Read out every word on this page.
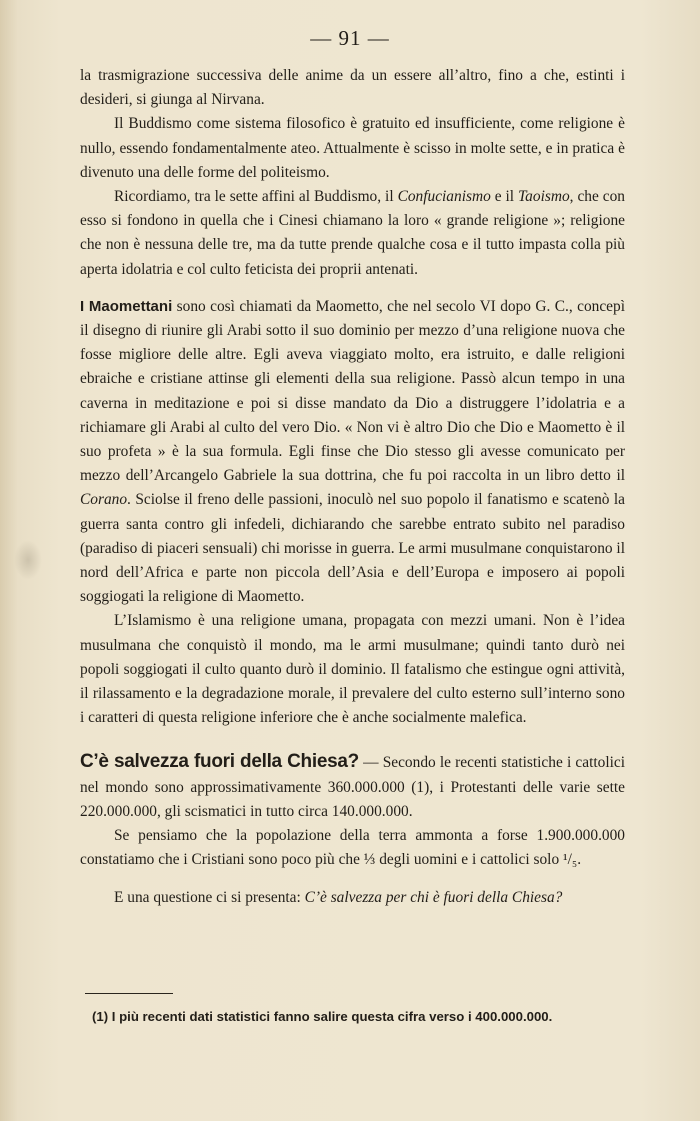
— 91 —

la trasmigrazione successiva delle anime da un essere all’altro, fino a che, estinti i desideri, si giunga al Nirvana.

Il Buddismo come sistema filosofico è gratuito ed insufficiente, come religione è nullo, essendo fondamentalmente ateo. Attualmente è scisso in molte sette, e in pratica è divenuto una delle forme del politeismo.

Ricordiamo, tra le sette affini al Buddismo, il Confucianismo e il Taoismo, che con esso si fondono in quella che i Cinesi chiamano la loro « grande religione »; religione che non è nessuna delle tre, ma da tutte prende qualche cosa e il tutto impasta colla più aperta idolatria e col culto feticista dei proprii antenati.

I Maomettani sono così chiamati da Maometto, che nel secolo VI dopo G. C., concepì il disegno di riunire gli Arabi sotto il suo dominio per mezzo d’una religione nuova che fosse migliore delle altre. Egli aveva viaggiato molto, era istruito, e dalle religioni ebraiche e cristiane attinse gli elementi della sua religione. Passò alcun tempo in una caverna in meditazione e poi si disse mandato da Dio a distruggere l’idolatria e a richiamare gli Arabi al culto del vero Dio. « Non vi è altro Dio che Dio e Maometto è il suo profeta » è la sua formula. Egli finse che Dio stesso gli avesse comunicato per mezzo dell’Arcangelo Gabriele la sua dottrina, che fu poi raccolta in un libro detto il Corano. Sciolse il freno delle passioni, inoculò nel suo popolo il fanatismo e scatenò la guerra santa contro gli infedeli, dichiarando che sarebbe entrato subito nel paradiso (paradiso di piaceri sensuali) chi morisse in guerra. Le armi musulmane conquistarono il nord dell’Africa e parte non piccola dell’Asia e dell’Europa e imposero ai popoli soggiogati la religione di Maometto.

L’Islamismo è una religione umana, propagata con mezzi umani. Non è l’idea musulmana che conquistò il mondo, ma le armi musulmane; quindi tanto durò nei popoli soggiogati il culto quanto durò il dominio. Il fatalismo che estingue ogni attività, il rilassamento e la degradazione morale, il prevalere del culto esterno sull’interno sono i caratteri di questa religione inferiore che è anche socialmente malefica.

C’è salvezza fuori della Chiesa? — Secondo le recenti statistiche i cattolici nel mondo sono approssimativamente 360.000.000 (1), i Protestanti delle varie sette 220.000.000, gli scismatici in tutto circa 140.000.000.

Se pensiamo che la popolazione della terra ammonta a forse 1.900.000.000 constatiamo che i Cristiani sono poco più che ⅓ degli uomini e i cattolici solo ¹/₅.

E una questione ci si presenta: C’è salvezza per chi è fuori della Chiesa?

(1) I più recenti dati statistici fanno salire questa cifra verso i 400.000.000.
